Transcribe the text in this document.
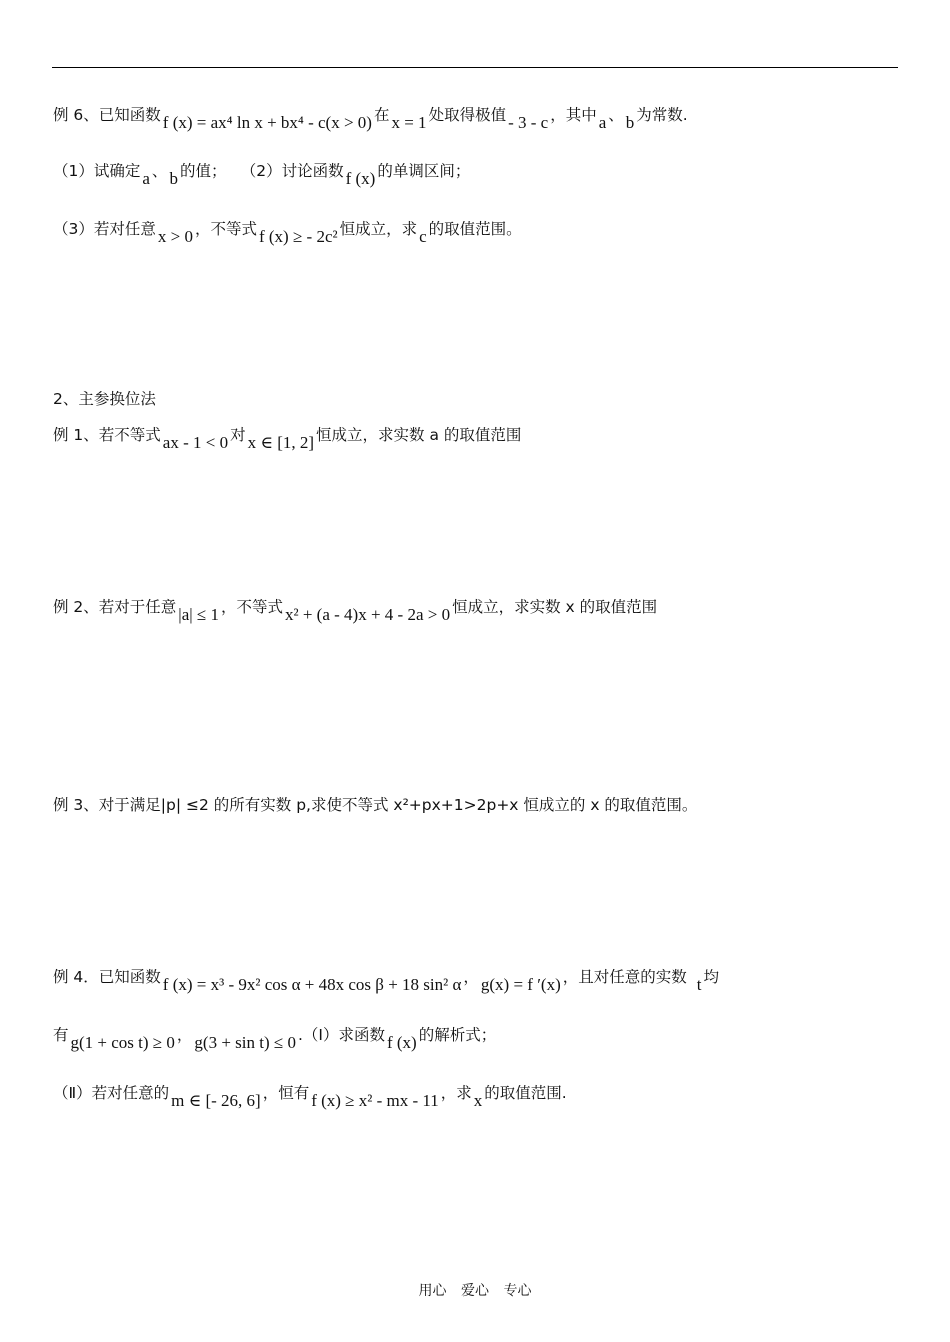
例 6、已知函数 f (x) = ax⁴ ln x + bx⁴ - c(x > 0) 在 x = 1 处取得极值 - 3 - c ，其中 a 、 b 为常数.
（1）试确定 a 、 b 的值； （2）讨论函数 f (x) 的单调区间；
（3）若对任意 x > 0 ，不等式 f (x) ≥ - 2c² 恒成立，求 c 的取值范围。
2、主参换位法
例 1、若不等式 ax - 1 < 0 对 x ∈ [1, 2] 恒成立，求实数 a 的取值范围
例 2、若对于任意 |a| ≤ 1 ，不等式 x² + (a - 4)x + 4 - 2a > 0 恒成立，求实数 x 的取值范围
例 3、对于满足|p| ≤2 的所有实数 p,求使不等式 x²+px+1>2p+x 恒成立的 x 的取值范围。
例 4．已知函数 f (x) = x³ - 9x² cos α + 48x cos β + 18 sin² α ， g(x) = f ′(x) ，且对任意的实数 t 均
有 g(1 + cos t) ≥ 0 ， g(3 + sin t) ≤ 0 .（Ⅰ）求函数 f (x) 的解析式；
（Ⅱ）若对任意的 m ∈ [- 26, 6] ，恒有 f (x) ≥ x² - mx - 11 ，求 x 的取值范围.
用心 爱心 专心
